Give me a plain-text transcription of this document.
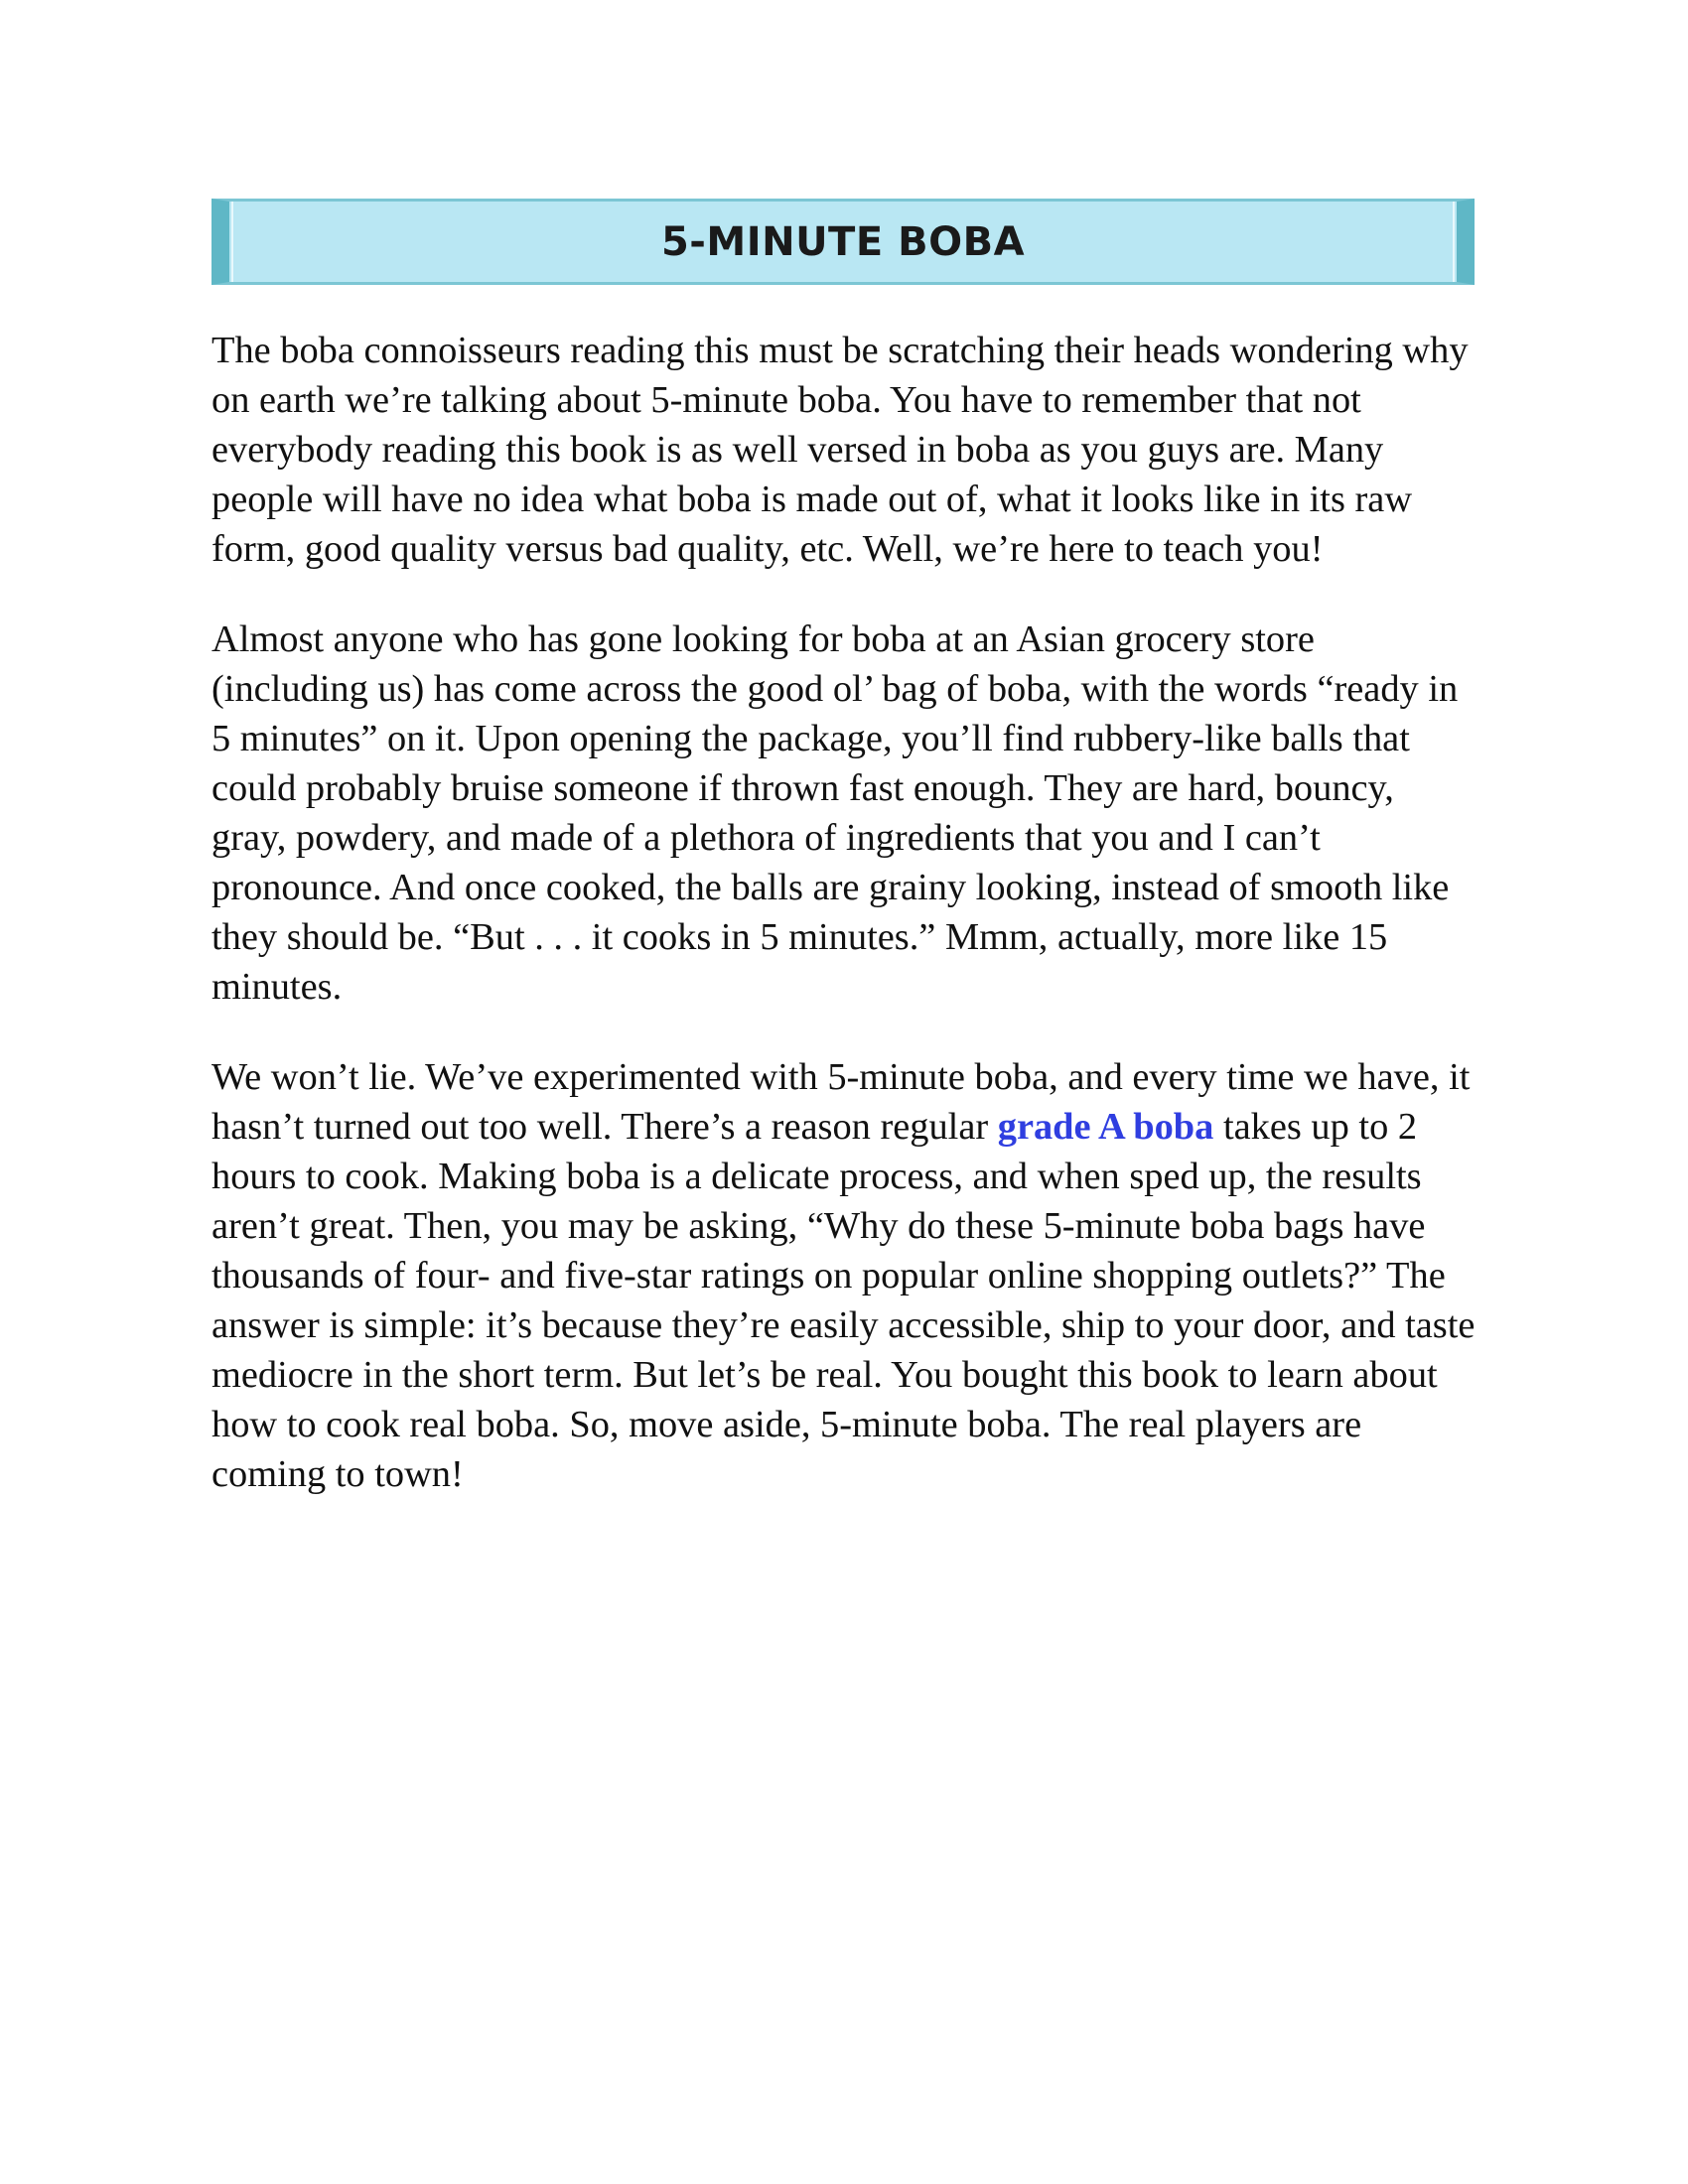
5-MINUTE BOBA

The boba connoisseurs reading this must be scratching their heads wondering why on earth we’re talking about 5-minute boba. You have to remember that not everybody reading this book is as well versed in boba as you guys are. Many people will have no idea what boba is made out of, what it looks like in its raw form, good quality versus bad quality, etc. Well, we’re here to teach you!

Almost anyone who has gone looking for boba at an Asian grocery store (including us) has come across the good ol’ bag of boba, with the words “ready in 5 minutes” on it. Upon opening the package, you’ll find rubbery-like balls that could probably bruise someone if thrown fast enough. They are hard, bouncy, gray, powdery, and made of a plethora of ingredients that you and I can’t pronounce. And once cooked, the balls are grainy looking, instead of smooth like they should be. “But . . . it cooks in 5 minutes.” Mmm, actually, more like 15 minutes.

We won’t lie. We’ve experimented with 5-minute boba, and every time we have, it hasn’t turned out too well. There’s a reason regular grade A boba takes up to 2 hours to cook. Making boba is a delicate process, and when sped up, the results aren’t great. Then, you may be asking, “Why do these 5-minute boba bags have thousands of four- and five-star ratings on popular online shopping outlets?” The answer is simple: it’s because they’re easily accessible, ship to your door, and taste mediocre in the short term. But let’s be real. You bought this book to learn about how to cook real boba. So, move aside, 5-minute boba. The real players are coming to town!
